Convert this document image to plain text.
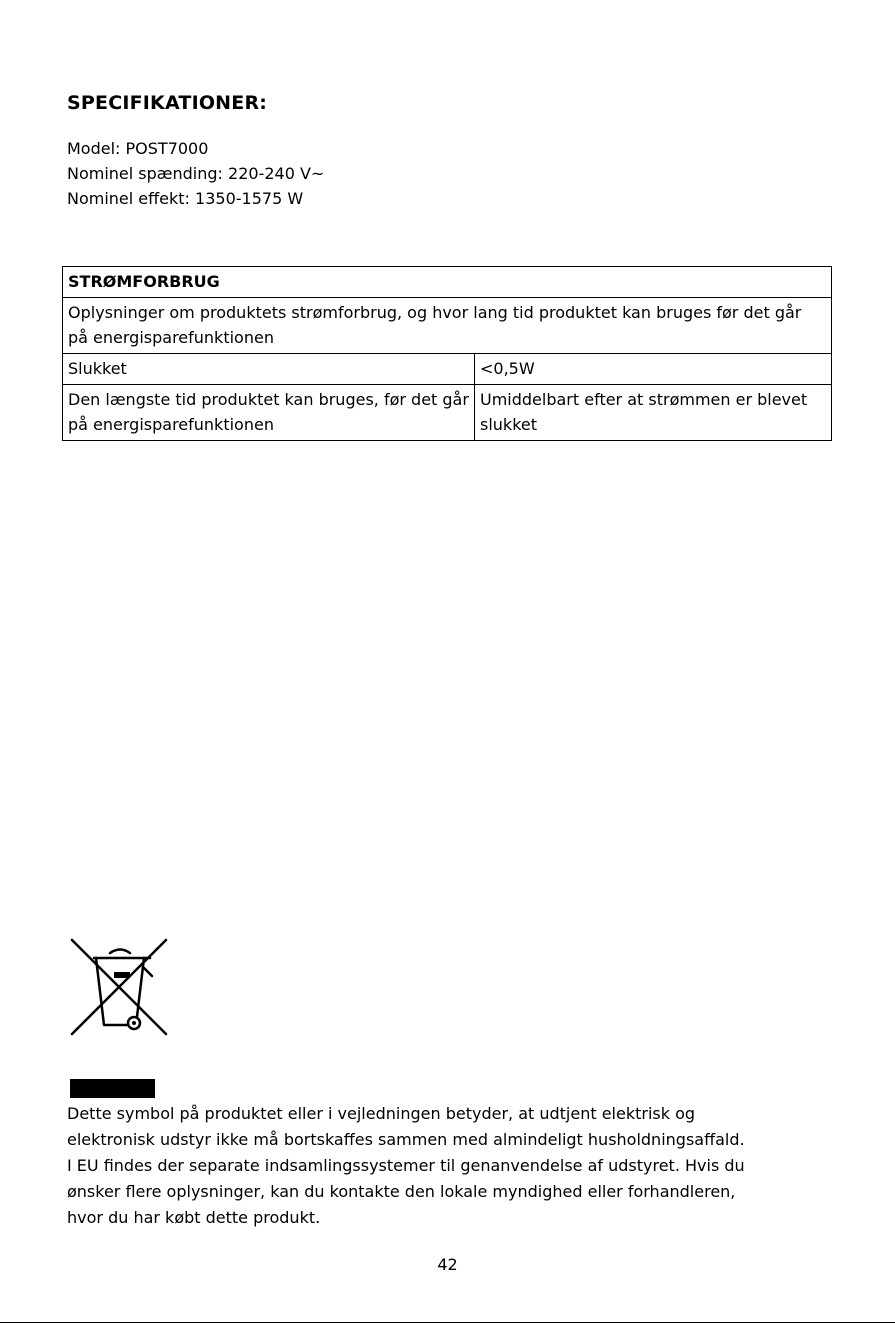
SPECIFIKATIONER:
Model: POST7000
Nominel spænding: 220-240 V~
Nominel effekt: 1350-1575 W
STRØMFORBRUG	
Oplysninger om produktets strømforbrug, og hvor lang tid produktet kan bruges før det går på energisparefunktionen	
Slukket	<0,5W
Den længste tid produktet kan bruges, før det går på energisparefunktionen	Umiddelbart efter at strømmen er blevet slukket
Dette symbol på produktet eller i vejledningen betyder, at udtjent elektrisk og
elektronisk udstyr ikke må bortskaffes sammen med almindeligt husholdningsaffald.
I EU findes der separate indsamlingssystemer til genanvendelse af udstyret. Hvis du
ønsker flere oplysninger, kan du kontakte den lokale myndighed eller forhandleren,
hvor du har købt dette produkt.
42
